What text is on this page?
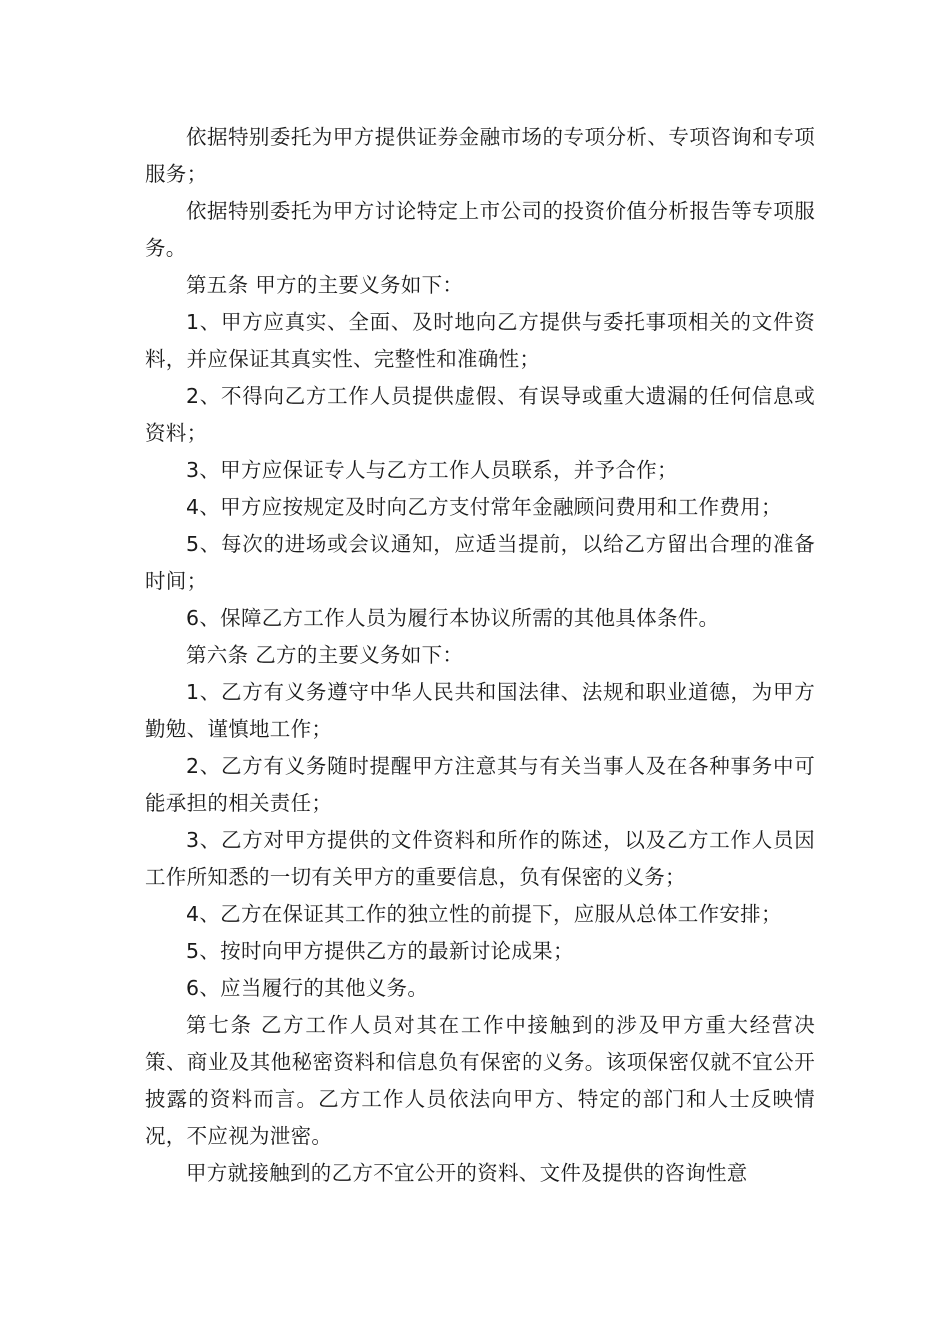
依据特别委托为甲方提供证券金融市场的专项分析、专项咨询和专项服务；

依据特别委托为甲方讨论特定上市公司的投资价值分析报告等专项服务。

第五条 甲方的主要义务如下：

1、甲方应真实、全面、及时地向乙方提供与委托事项相关的文件资料，并应保证其真实性、完整性和准确性；

2、不得向乙方工作人员提供虚假、有误导或重大遗漏的任何信息或资料；

3、甲方应保证专人与乙方工作人员联系，并予合作；

4、甲方应按规定及时向乙方支付常年金融顾问费用和工作费用；

5、每次的进场或会议通知，应适当提前，以给乙方留出合理的准备时间；

6、保障乙方工作人员为履行本协议所需的其他具体条件。

第六条 乙方的主要义务如下：

1、乙方有义务遵守中华人民共和国法律、法规和职业道德，为甲方勤勉、谨慎地工作；

2、乙方有义务随时提醒甲方注意其与有关当事人及在各种事务中可能承担的相关责任；

3、乙方对甲方提供的文件资料和所作的陈述，以及乙方工作人员因工作所知悉的一切有关甲方的重要信息，负有保密的义务；

4、乙方在保证其工作的独立性的前提下，应服从总体工作安排；

5、按时向甲方提供乙方的最新讨论成果；

6、应当履行的其他义务。

第七条 乙方工作人员对其在工作中接触到的涉及甲方重大经营决策、商业及其他秘密资料和信息负有保密的义务。该项保密仅就不宜公开披露的资料而言。乙方工作人员依法向甲方、特定的部门和人士反映情况，不应视为泄密。

甲方就接触到的乙方不宜公开的资料、文件及提供的咨询性意
